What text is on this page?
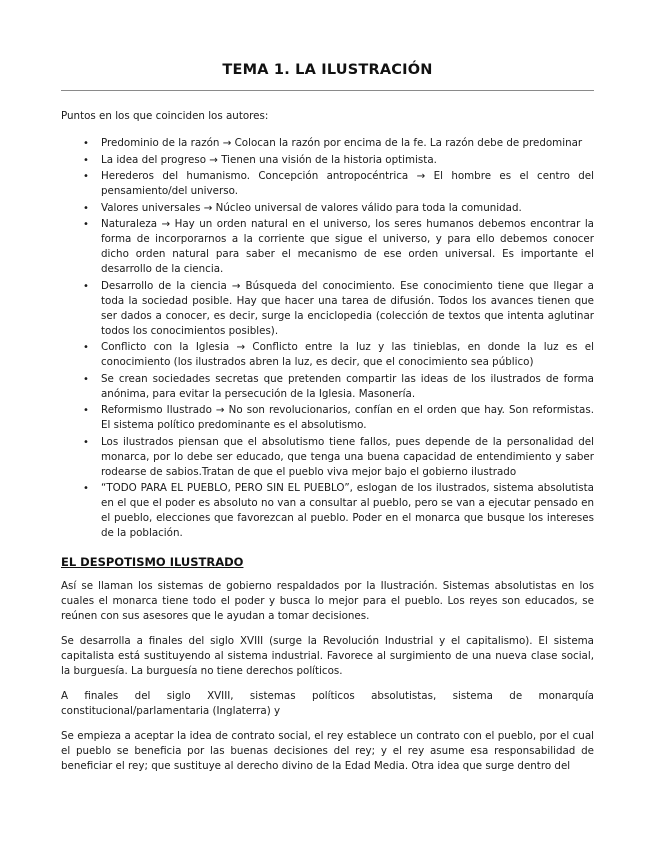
TEMA 1. LA ILUSTRACIÓN

Puntos en los que coinciden los autores:

• Predominio de la razón → Colocan la razón por encima de la fe. La razón debe de predominar
• La idea del progreso → Tienen una visión de la historia optimista.
• Herederos del humanismo. Concepción antropocéntrica → El hombre es el centro del pensamiento/del universo.
• Valores universales → Núcleo universal de valores válido para toda la comunidad.
• Naturaleza → Hay un orden natural en el universo, los seres humanos debemos encontrar la forma de incorporarnos a la corriente que sigue el universo, y para ello debemos conocer dicho orden natural para saber el mecanismo de ese orden universal. Es importante el desarrollo de la ciencia.
• Desarrollo de la ciencia → Búsqueda del conocimiento. Ese conocimiento tiene que llegar a toda la sociedad posible. Hay que hacer una tarea de difusión. Todos los avances tienen que ser dados a conocer, es decir, surge la enciclopedia (colección de textos que intenta aglutinar todos los conocimientos posibles).
• Conflicto con la Iglesia → Conflicto entre la luz y las tinieblas, en donde la luz es el conocimiento (los ilustrados abren la luz, es decir, que el conocimiento sea público)
• Se crean sociedades secretas que pretenden compartir las ideas de los ilustrados de forma anónima, para evitar la persecución de la Iglesia. Masonería.
• Reformismo Ilustrado → No son revolucionarios, confían en el orden que hay. Son reformistas. El sistema político predominante es el absolutismo.
• Los ilustrados piensan que el absolutismo tiene fallos, pues depende de la personalidad del monarca, por lo debe ser educado, que tenga una buena capacidad de entendimiento y saber rodearse de sabios.Tratan de que el pueblo viva mejor bajo el gobierno ilustrado
• “TODO PARA EL PUEBLO, PERO SIN EL PUEBLO”, eslogan de los ilustrados, sistema absolutista en el que el poder es absoluto no van a consultar al pueblo, pero se van a ejecutar pensado en el pueblo, elecciones que favorezcan al pueblo. Poder en el monarca que busque los intereses de la población.
EL DESPOTISMO ILUSTRADO

Así se llaman los sistemas de gobierno respaldados por la Ilustración. Sistemas absolutistas en los cuales el monarca tiene todo el poder y busca lo mejor para el pueblo. Los reyes son educados, se reúnen con sus asesores que le ayudan a tomar decisiones.

Se desarrolla a finales del siglo XVIII (surge la Revolución Industrial y el capitalismo). El sistema capitalista está sustituyendo al sistema industrial. Favorece al surgimiento de una nueva clase social, la burguesía. La burguesía no tiene derechos políticos.

A finales del siglo XVIII, sistemas políticos absolutistas, sistema de monarquía constitucional/parlamentaria (Inglaterra) y

Se empieza a aceptar la idea de contrato social, el rey establece un contrato con el pueblo, por el cual el pueblo se beneficia por las buenas decisiones del rey; y el rey asume esa responsabilidad de beneficiar el rey; que sustituye al derecho divino de la Edad Media. Otra idea que surge dentro del
